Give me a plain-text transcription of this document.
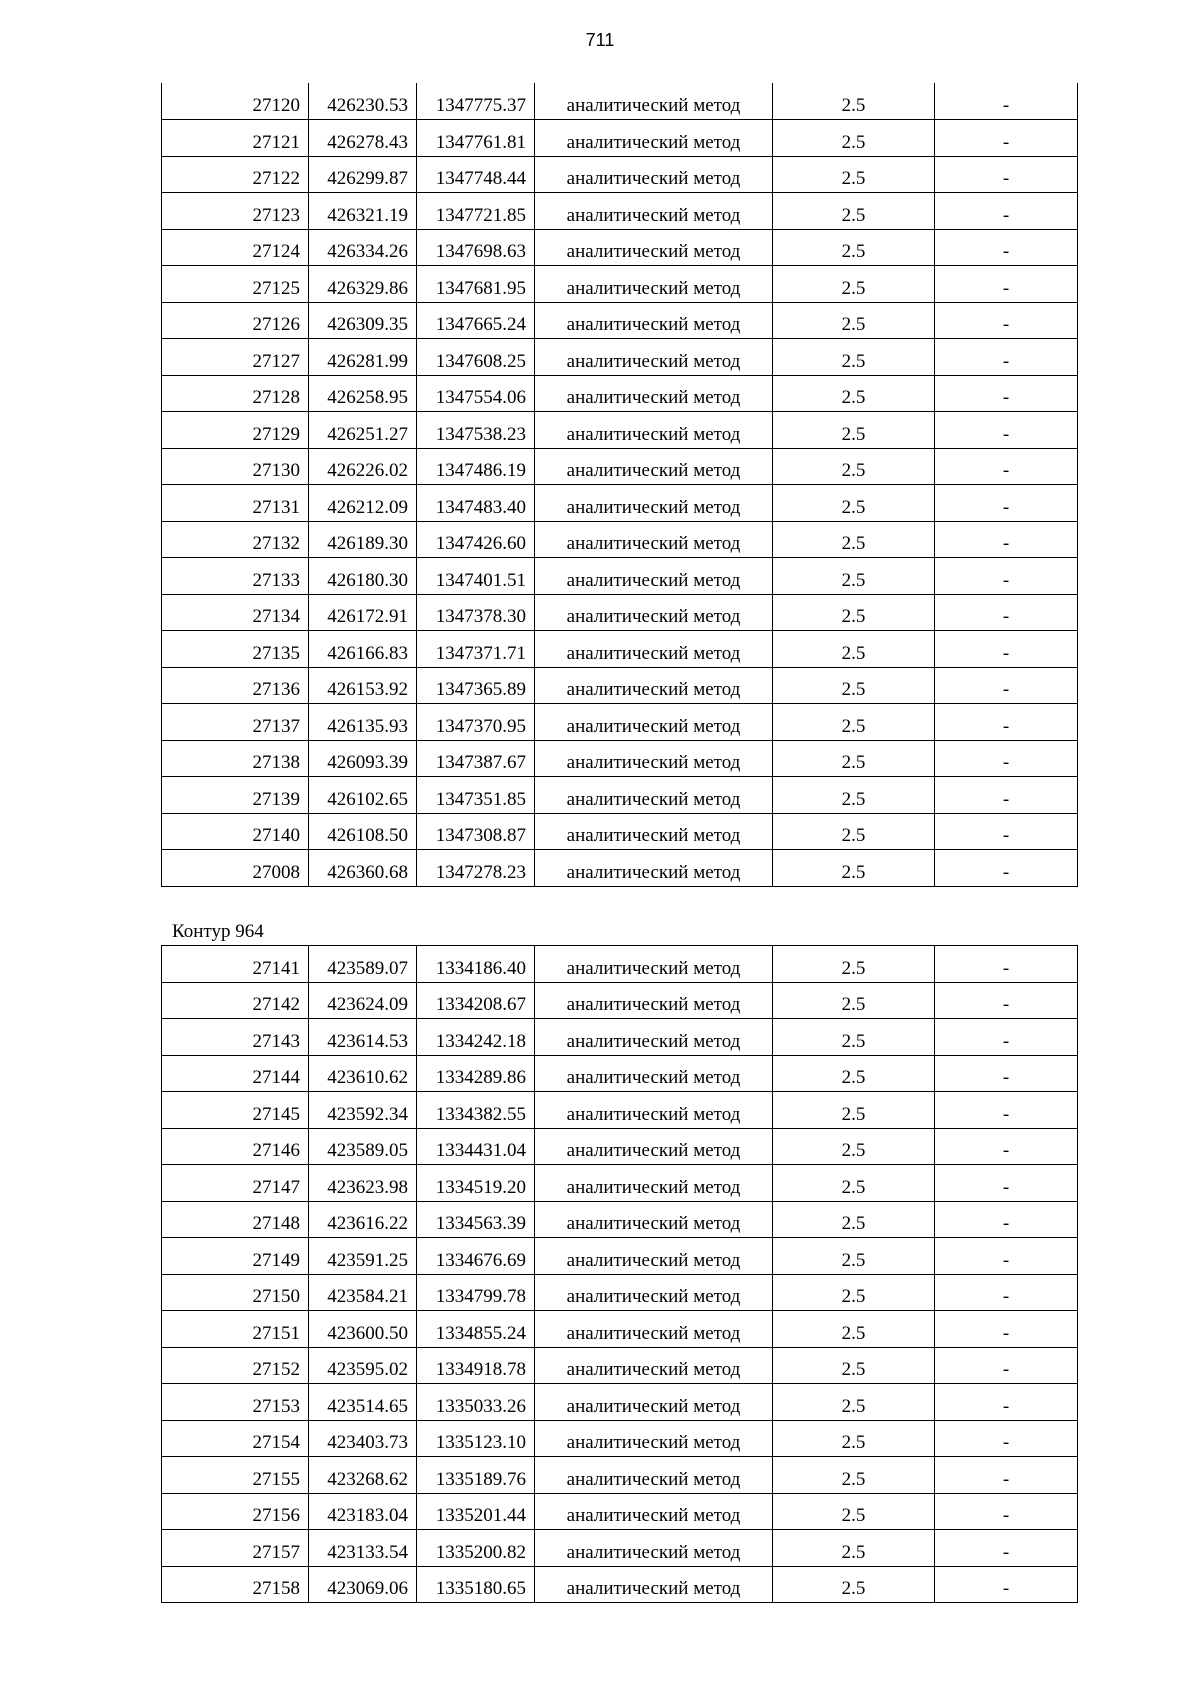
711
27120	426230.53	1347775.37	аналитический метод	2.5	-
27121	426278.43	1347761.81	аналитический метод	2.5	-
27122	426299.87	1347748.44	аналитический метод	2.5	-
27123	426321.19	1347721.85	аналитический метод	2.5	-
27124	426334.26	1347698.63	аналитический метод	2.5	-
27125	426329.86	1347681.95	аналитический метод	2.5	-
27126	426309.35	1347665.24	аналитический метод	2.5	-
27127	426281.99	1347608.25	аналитический метод	2.5	-
27128	426258.95	1347554.06	аналитический метод	2.5	-
27129	426251.27	1347538.23	аналитический метод	2.5	-
27130	426226.02	1347486.19	аналитический метод	2.5	-
27131	426212.09	1347483.40	аналитический метод	2.5	-
27132	426189.30	1347426.60	аналитический метод	2.5	-
27133	426180.30	1347401.51	аналитический метод	2.5	-
27134	426172.91	1347378.30	аналитический метод	2.5	-
27135	426166.83	1347371.71	аналитический метод	2.5	-
27136	426153.92	1347365.89	аналитический метод	2.5	-
27137	426135.93	1347370.95	аналитический метод	2.5	-
27138	426093.39	1347387.67	аналитический метод	2.5	-
27139	426102.65	1347351.85	аналитический метод	2.5	-
27140	426108.50	1347308.87	аналитический метод	2.5	-
27008	426360.68	1347278.23	аналитический метод	2.5	-
Контур 964
27141	423589.07	1334186.40	аналитический метод	2.5	-
27142	423624.09	1334208.67	аналитический метод	2.5	-
27143	423614.53	1334242.18	аналитический метод	2.5	-
27144	423610.62	1334289.86	аналитический метод	2.5	-
27145	423592.34	1334382.55	аналитический метод	2.5	-
27146	423589.05	1334431.04	аналитический метод	2.5	-
27147	423623.98	1334519.20	аналитический метод	2.5	-
27148	423616.22	1334563.39	аналитический метод	2.5	-
27149	423591.25	1334676.69	аналитический метод	2.5	-
27150	423584.21	1334799.78	аналитический метод	2.5	-
27151	423600.50	1334855.24	аналитический метод	2.5	-
27152	423595.02	1334918.78	аналитический метод	2.5	-
27153	423514.65	1335033.26	аналитический метод	2.5	-
27154	423403.73	1335123.10	аналитический метод	2.5	-
27155	423268.62	1335189.76	аналитический метод	2.5	-
27156	423183.04	1335201.44	аналитический метод	2.5	-
27157	423133.54	1335200.82	аналитический метод	2.5	-
27158	423069.06	1335180.65	аналитический метод	2.5	-
